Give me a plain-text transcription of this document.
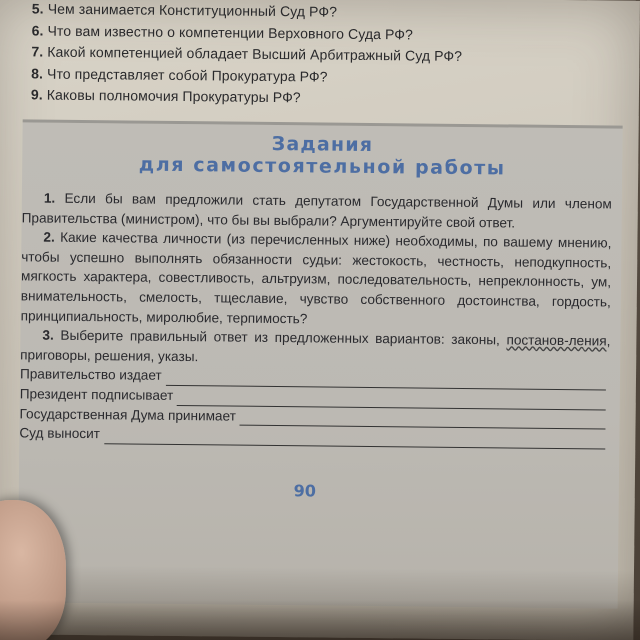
5. Чем занимается Конституционный Суд РФ?
6. Что вам известно о компетенции Верховного Суда РФ?
7. Какой компетенцией обладает Высший Арбитражный Суд РФ?
8. Что представляет собой Прокуратура РФ?
9. Каковы полномочия Прокуратуры РФ?
Задания
для самостоятельной работы
1. Если бы вам предложили стать депутатом Государственной Думы или членом Правительства (министром), что бы вы выбрали? Аргументируйте свой ответ.
2. Какие качества личности (из перечисленных ниже) необходимы, по вашему мнению, чтобы успешно выполнять обязанности судьи: жестокость, честность, неподкупность, мягкость характера, совестливость, альтруизм, последовательность, непреклонность, ум, внимательность, смелость, тщеславие, чувство собственного достоинства, гордость, принципиальность, миролюбие, терпимость?
3. Выберите правильный ответ из предложенных вариантов: законы, постанов-ления, приговоры, решения, указы.
Правительство издает
Президент подписывает
Государственная Дума принимает
Суд выносит
90
